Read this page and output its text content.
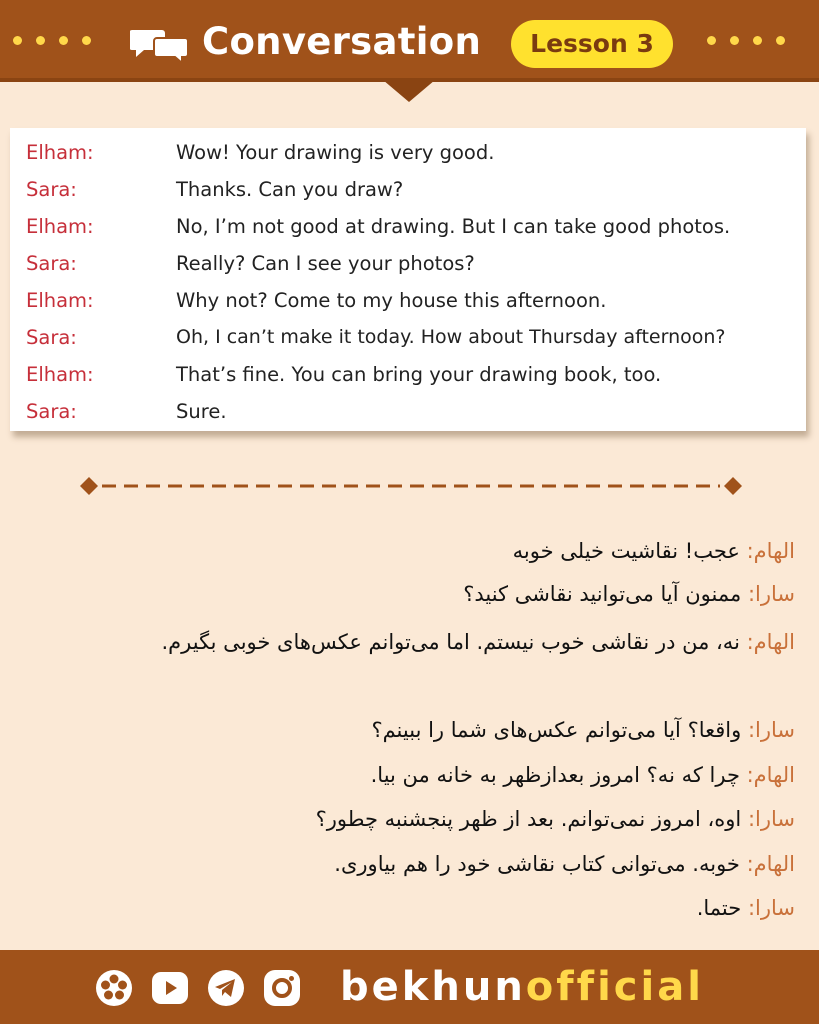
Conversation	Lesson 3
Elham:	Wow! Your drawing is very good.
Sara:	Thanks. Can you draw?
Elham:	No, I’m not good at drawing. But I can take good photos.
Sara:	Really? Can I see your photos?
Elham:	Why not? Come to my house this afternoon.
Sara:	Oh, I can’t make it today. How about Thursday afternoon?
Elham:	That’s fine. You can bring your drawing book, too.
Sara:	Sure.
الهام: عجب! نقاشیت خیلی خوبه
سارا: ممنون آیا می‌توانید نقاشی کنید؟
الهام: نه، من در نقاشی خوب نیستم. اما می‌توانم عکس‌های خوبی بگیرم.
سارا: واقعا؟ آیا می‌توانم عکس‌های شما را ببینم؟
الهام: چرا که نه؟ امروز بعدازظهر به خانه من بیا.
سارا: اوه، امروز نمی‌توانم. بعد از ظهر پنجشنبه چطور؟
الهام: خوبه. می‌توانی کتاب نقاشی خود را هم بیاوری.
سارا: حتما.
bekhunofficial
